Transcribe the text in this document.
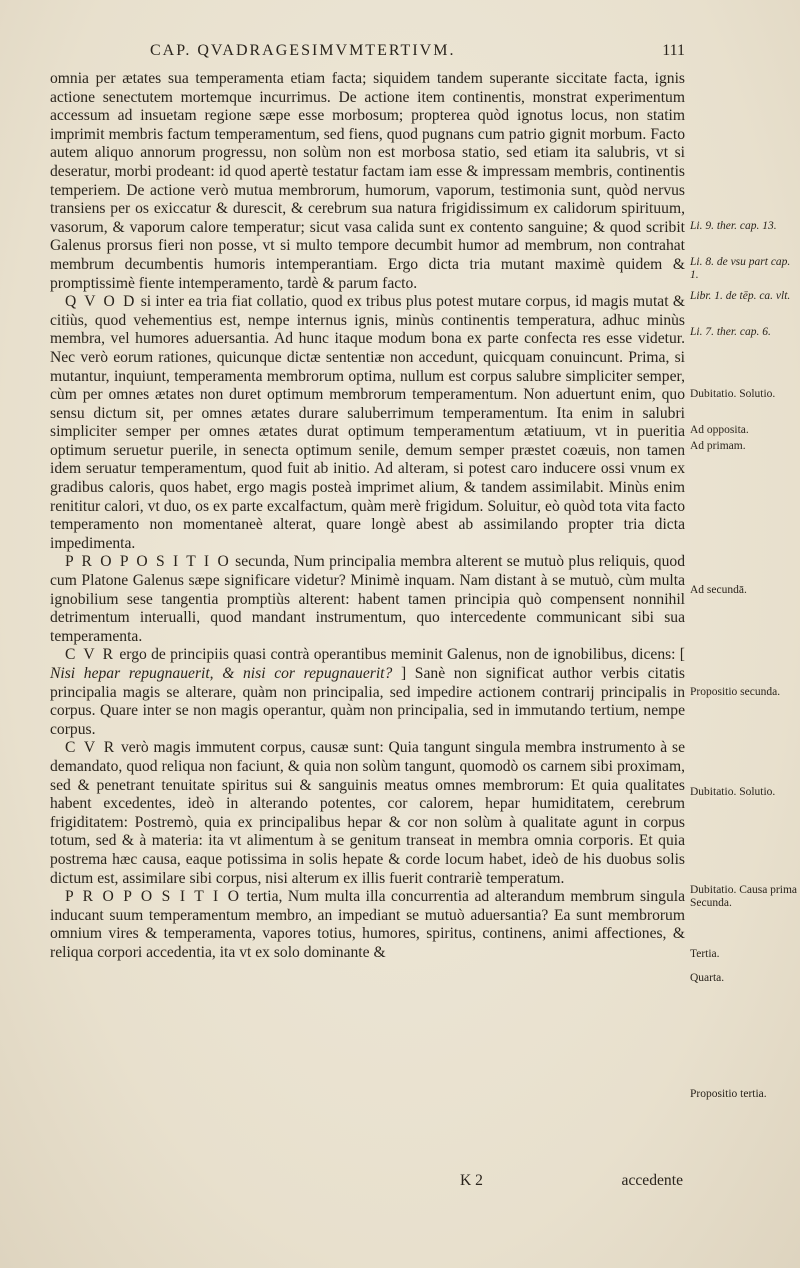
CAP. QVADRAGESIMVMTERTIVM.	111

omnia per ætates sua temperamenta etiam facta; siquidem tandem superante siccitate facta, ignis actione senectutem mortemque incurrimus. De actione item continentis, monstrat experimentum accessum ad insuetam regione sæpe esse morbosum; propterea quòd ignotus locus, non statim imprimit membris factum temperamentum, sed fiens, quod pugnans cum patrio gignit morbum. Facto autem aliquo annorum progressu, non solùm non est morbosa statio, sed etiam ita salubris, vt si deseratur, morbi prodeant: id quod apertè testatur factam iam esse & impressam membris, continentis temperiem. De actione verò mutua membrorum, humorum, vaporum, testimonia sunt, quòd nervus transiens per os exiccatur & durescit, & cerebrum sua natura frigidissimum ex calidorum spirituum, vasorum, & vaporum calore temperatur; sicut vasa calida sunt ex contento sanguine; & quod scribit Galenus prorsus fieri non posse, vt si multo tempore decumbit humor ad membrum, non contrahat membrum decumbentis humoris intemperantiam. Ergo dicta tria mutant maximè quidem & promptissimè fiente intemperamento, tardè & parum facto.

Q V O D si inter ea tria fiat collatio, quod ex tribus plus potest mutare corpus, id magis mutat & citiùs, quod vehementius est, nempe internus ignis, minùs continentis temperatura, adhuc minùs membra, vel humores aduersantia. Ad hunc itaque modum bona ex parte confecta res esse videtur. Nec verò eorum rationes, quicunque dictæ sententiæ non accedunt, quicquam conuincunt. Prima, si mutantur, inquiunt, temperamenta membrorum optima, nullum est corpus salubre simpliciter semper, cùm per omnes ætates non duret optimum membrorum temperamentum. Non aduertunt enim, quo sensu dictum sit, per omnes ætates durare saluberrimum temperamentum. Ita enim in salubri simpliciter semper per omnes ætates durat optimum temperamentum ætatiuum, vt in pueritia optimum seruetur puerile, in senecta optimum senile, demum semper præstet coæuis, non tamen idem seruatur temperamentum, quod fuit ab initio. Ad alteram, si potest caro inducere ossi vnum ex gradibus caloris, quos habet, ergo magis posteà imprimet alium, & tandem assimilabit. Minùs enim renititur calori, vt duo, os ex parte excalfactum, quàm merè frigidum. Soluitur, eò quòd tota vita facto temperamento non momentaneè alterat, quare longè abest ab assimilando propter tria dicta impedimenta.

P R O P O S I T I O secunda, Num principalia membra alterent se mutuò plus reliquis, quod cum Platone Galenus sæpe significare videtur? Minimè inquam. Nam distant à se mutuò, cùm multa ignobilium sese tangentia promptiùs alterent: habent tamen principia quò compensent nonnihil detrimentum interualli, quod mandant instrumentum, quo intercedente communicant sibi sua temperamenta.

C V R ergo de principiis quasi contrà operantibus meminit Galenus, non de ignobilibus, dicens: [ Nisi hepar repugnauerit, & nisi cor repugnauerit? ] Sanè non significat author verbis citatis principalia magis se alterare, quàm non principalia, sed impedire actionem contrarij principalis in corpus. Quare inter se non magis operantur, quàm non principalia, sed in immutando tertium, nempe corpus.

C V R verò magis immutent corpus, causæ sunt: Quia tangunt singula membra instrumento à se demandato, quod reliqua non faciunt, & quia non solùm tangunt, quomodò os carnem sibi proximam, sed & penetrant tenuitate spiritus sui & sanguinis meatus omnes membrorum: Et quia qualitates habent excedentes, ideò in alterando potentes, cor calorem, hepar humiditatem, cerebrum frigiditatem: Postremò, quia ex principalibus hepar & cor non solùm à qualitate agunt in corpus totum, sed & à materia: ita vt alimentum à se genitum transeat in membra omnia corporis. Et quia postrema hæc causa, eaque potissima in solis hepate & corde locum habet, ideò de his duobus solis dictum est, assimilare sibi corpus, nisi alterum ex illis fuerit contrariè temperatum.

P R O P O S I T I O tertia, Num multa illa concurrentia ad alterandum membrum singula inducant suum temperamentum membro, an impediant se mutuò aduersantia? Ea sunt membrorum omnium vires & temperamenta, vapores totius, humores, spiritus, continens, animi affectiones, & reliqua corpori accedentia, ita vt ex solo dominante &

K 2	accedente
Li. 9. ther. cap. 13.
Li. 8. de vsu part cap. 1.
Libr. 1. de tēp. ca. vlt.
Li. 7. ther. cap. 6.
Dubitatio. Solutio.
Ad opposita.
Ad primam.
Ad secundā.
Propositio secunda.
Dubitatio. Solutio.
Dubitatio. Causa prima Secunda.
Tertia.
Quarta.
Propositio tertia.
